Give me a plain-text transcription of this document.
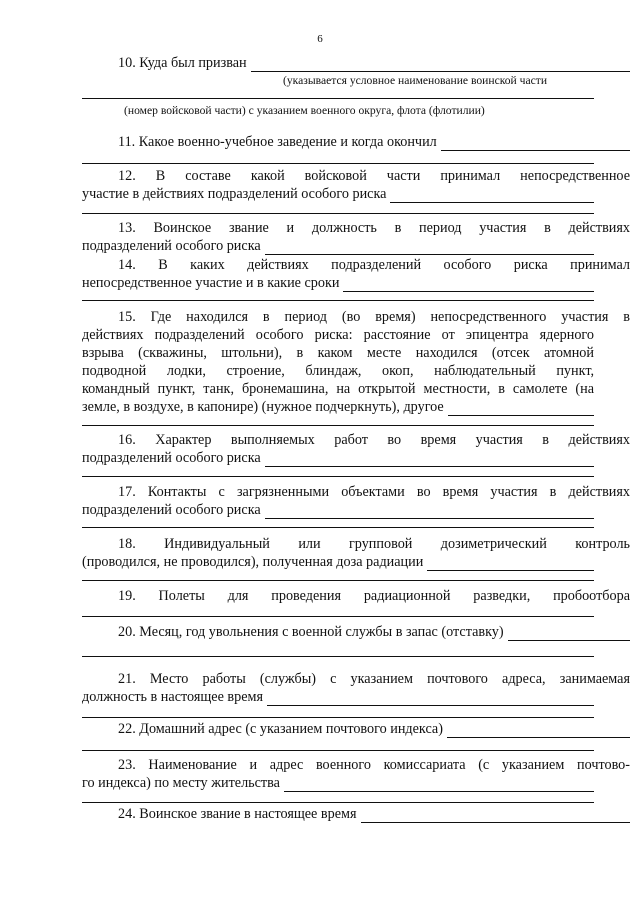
6
10. Куда был призван
(указывается условное наименование воинской части
(номер войсковой части) с указанием военного округа, флота (флотилии)
11. Какое военно-учебное заведение и когда окончил
12. В составе какой войсковой части принимал непосредственное
участие в действиях подразделений особого риска
13. Воинское звание и должность в период участия в действиях
подразделений особого риска
14. В каких действиях подразделений особого риска принимал
непосредственное участие и в какие сроки
15. Где находился в период (во время) непосредственного участия в
действиях подразделений особого риска: расстояние от эпицентра ядерного
взрыва (скважины, штольни), в каком месте находился (отсек атомной
подводной лодки, строение, блиндаж, окоп, наблюдательный пункт,
командный пункт, танк, бронемашина, на открытой местности, в самолете (на
земле, в воздухе, в капонире) (нужное подчеркнуть), другое
16. Характер выполняемых работ во время участия в действиях
подразделений особого риска
17. Контакты с загрязненными объектами во время участия в действиях
подразделений особого риска
18. Индивидуальный или групповой дозиметрический контроль
(проводился, не проводился), полученная доза радиации
19. Полеты для проведения радиационной разведки, пробоотбора
20. Месяц, год увольнения с военной службы в запас (отставку)
21. Место работы (службы) с указанием почтового адреса, занимаемая
должность в настоящее время
22. Домашний адрес (с указанием почтового индекса)
23. Наименование и адрес военного комиссариата (с указанием почтово-
го индекса) по месту жительства
24. Воинское звание в настоящее время
